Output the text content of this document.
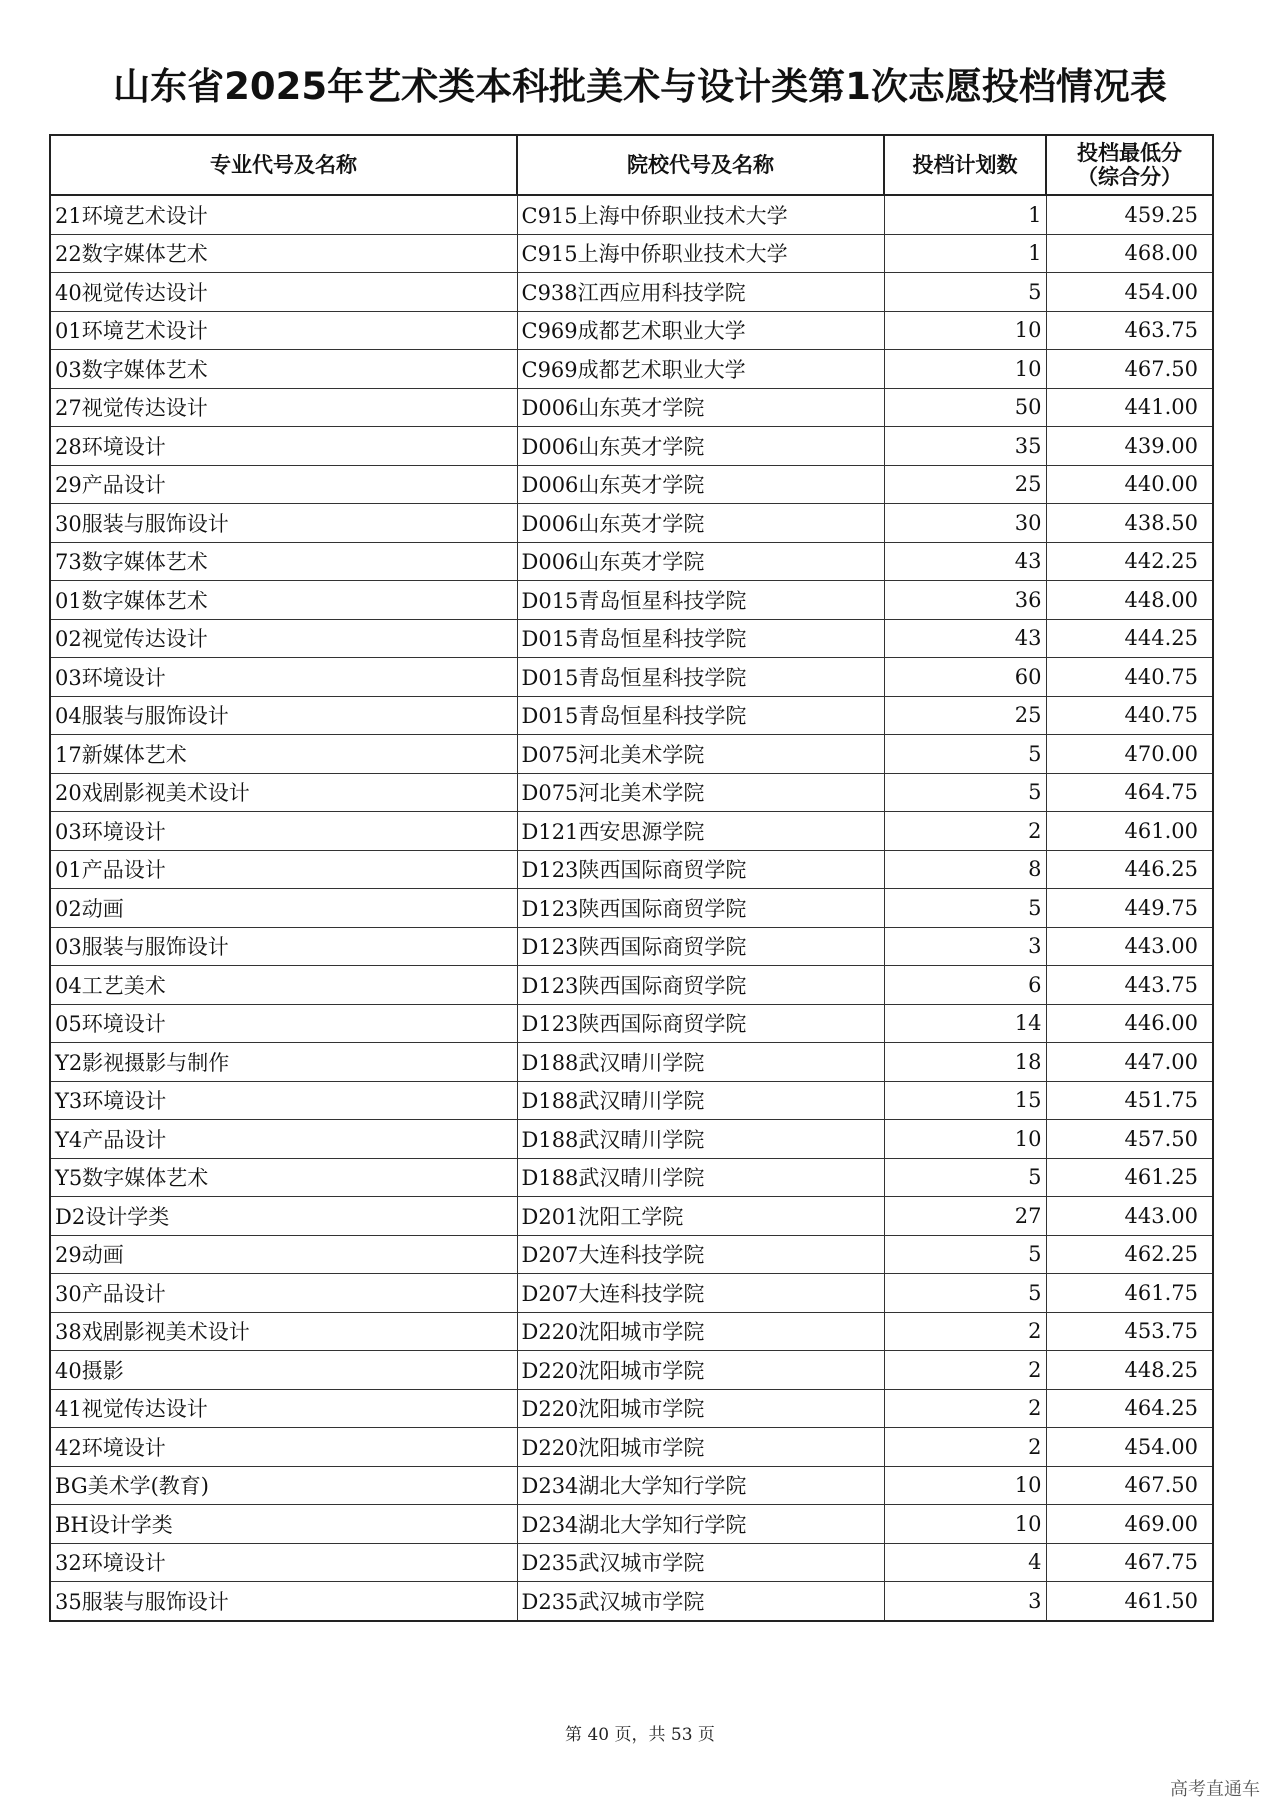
山东省2025年艺术类本科批美术与设计类第1次志愿投档情况表
专业代号及名称	院校代号及名称	投档计划数	投档最低分
（综合分）

21环境艺术设计	C915上海中侨职业技术大学	1	459.25
22数字媒体艺术	C915上海中侨职业技术大学	1	468.00
40视觉传达设计	C938江西应用科技学院	5	454.00
01环境艺术设计	C969成都艺术职业大学	10	463.75
03数字媒体艺术	C969成都艺术职业大学	10	467.50
27视觉传达设计	D006山东英才学院	50	441.00
28环境设计	D006山东英才学院	35	439.00
29产品设计	D006山东英才学院	25	440.00
30服装与服饰设计	D006山东英才学院	30	438.50
73数字媒体艺术	D006山东英才学院	43	442.25
01数字媒体艺术	D015青岛恒星科技学院	36	448.00
02视觉传达设计	D015青岛恒星科技学院	43	444.25
03环境设计	D015青岛恒星科技学院	60	440.75
04服装与服饰设计	D015青岛恒星科技学院	25	440.75
17新媒体艺术	D075河北美术学院	5	470.00
20戏剧影视美术设计	D075河北美术学院	5	464.75
03环境设计	D121西安思源学院	2	461.00
01产品设计	D123陕西国际商贸学院	8	446.25
02动画	D123陕西国际商贸学院	5	449.75
03服装与服饰设计	D123陕西国际商贸学院	3	443.00
04工艺美术	D123陕西国际商贸学院	6	443.75
05环境设计	D123陕西国际商贸学院	14	446.00
Y2影视摄影与制作	D188武汉晴川学院	18	447.00
Y3环境设计	D188武汉晴川学院	15	451.75
Y4产品设计	D188武汉晴川学院	10	457.50
Y5数字媒体艺术	D188武汉晴川学院	5	461.25
D2设计学类	D201沈阳工学院	27	443.00
29动画	D207大连科技学院	5	462.25
30产品设计	D207大连科技学院	5	461.75
38戏剧影视美术设计	D220沈阳城市学院	2	453.75
40摄影	D220沈阳城市学院	2	448.25
41视觉传达设计	D220沈阳城市学院	2	464.25
42环境设计	D220沈阳城市学院	2	454.00
BG美术学(教育)	D234湖北大学知行学院	10	467.50
BH设计学类	D234湖北大学知行学院	10	469.00
32环境设计	D235武汉城市学院	4	467.75
35服装与服饰设计	D235武汉城市学院	3	461.50
第 40 页，共 53 页
高考直通车
